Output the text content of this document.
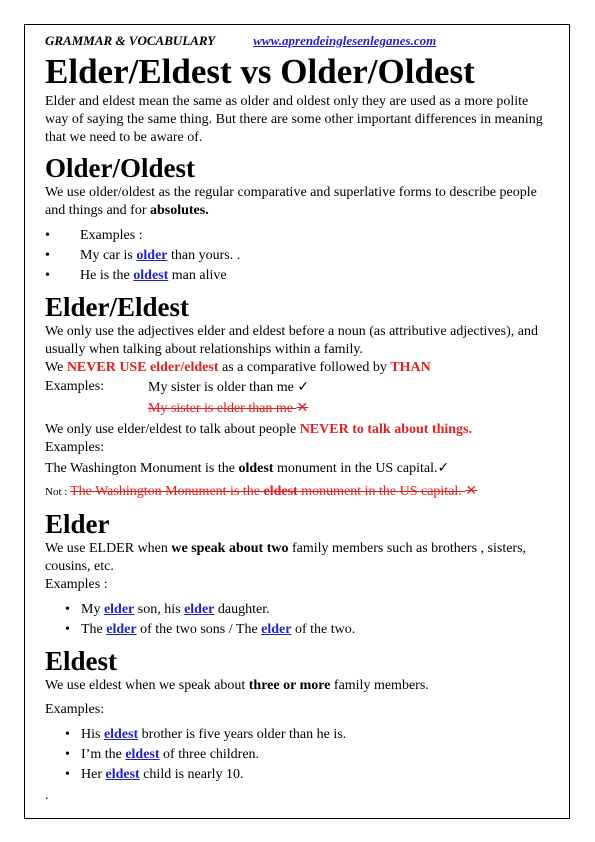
GRAMMAR & VOCABULARY	www.aprendeinglesenleganes.com
Elder/Eldest vs Older/Oldest

Elder and eldest mean the same as older and oldest only they are used as a more polite way of saying the same thing. But there are some other important differences in meaning that we need to be aware of.

Older/Oldest

We use older/oldest as the regular comparative and superlative forms to describe people and things and for absolutes.

• Examples :
• My car is older than yours. .
• He is the oldest man alive
Elder/Eldest

We only use the adjectives elder and eldest before a noun (as attributive adjectives), and usually when talking about relationships within a family.

We NEVER USE elder/eldest as a comparative followed by THAN

Examples:	My sister is older than me ✓
My sister is elder than me ✕

We only use elder/eldest to talk about people NEVER to talk about things.

Examples:

The Washington Monument is the oldest monument in the US capital.✓

Not : The Washington Monument is the eldest monument in the US capital. ✕

Elder

We use ELDER when we speak about two family members such as brothers , sisters, cousins, etc.

Examples :

• My elder son, his elder daughter.
• The elder of the two sons / The elder of the two.
Eldest

We use eldest when we speak about three or more family members.

Examples:

• His eldest brother is five years older than he is.
• I’m the eldest of three children.
• Her eldest child is nearly 10.

.
